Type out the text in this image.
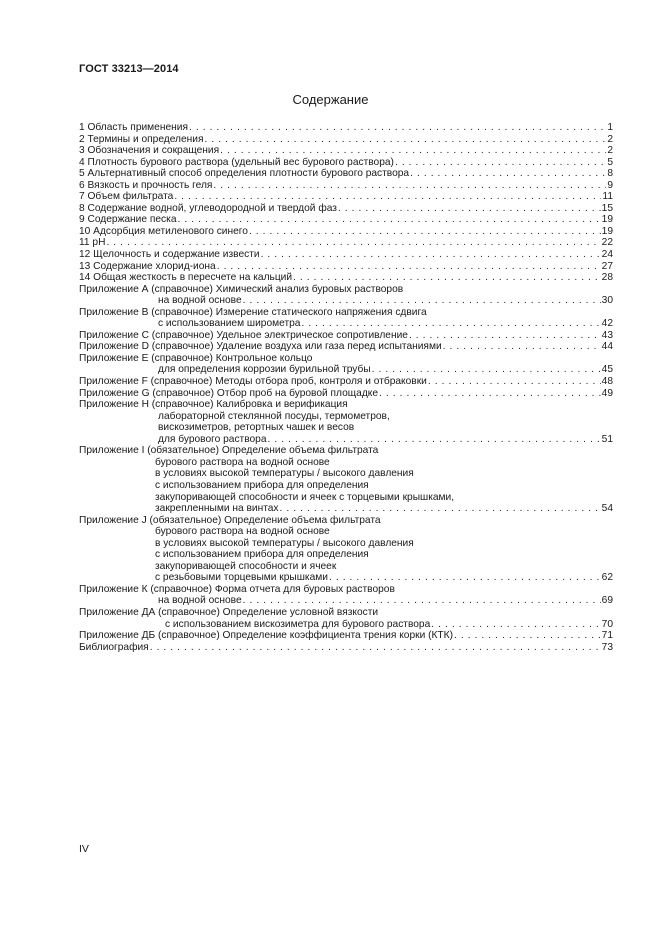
ГОСТ 33213—2014
Содержание
1 Область применения . . .	1
2 Термины и определения . . .	2
3 Обозначения и сокращения . . .	2
4 Плотность бурового раствора (удельный вес бурового раствора) . . .	5
5 Альтернативный способ определения плотности бурового раствора . . .	8
6 Вязкость и прочность геля . . .	9
7 Объем фильтрата . . .	11
8 Содержание водной, углеводородной и твердой фаз . . .	15
9 Содержание песка . . .	19
10 Адсорбция метиленового синего . . .	19
11 pH . . .	22
12 Щелочность и содержание извести . . .	24
13 Содержание хлорид-иона . . .	27
14 Общая жесткость в пересчете на кальций . . .	28
Приложение А (справочное) Химический анализ буровых растворов
на водной основе . . .	30
Приложение В (справочное) Измерение статического напряжения сдвига
с использованием широметра . . .	42
Приложение С (справочное) Удельное электрическое сопротивление . . .	43
Приложение D (справочное) Удаление воздуха или газа перед испытаниями . . .	44
Приложение Е (справочное) Контрольное кольцо
для определения коррозии бурильной трубы . . .	45
Приложение F (справочное) Методы отбора проб, контроля и отбраковки . . .	48
Приложение G (справочное) Отбор проб на буровой площадке . . .	49
Приложение Н (справочное) Калибровка и верификация
лабораторной стеклянной посуды, термометров,
вискозиметров, ретортных чашек и весов
для бурового раствора . . .	51
Приложение I (обязательное) Определение объема фильтрата
бурового раствора на водной основе
в условиях высокой температуры / высокого давления
с использованием прибора для определения
закупоривающей способности и ячеек с торцевыми крышками,
закрепленными на винтах . . .	54
Приложение J (обязательное) Определение объема фильтрата
бурового раствора на водной основе
в условиях высокой температуры / высокого давления
с использованием прибора для определения
закупоривающей способности и ячеек
с резьбовыми торцевыми крышками . . .	62
Приложение К (справочное) Форма отчета для буровых растворов
на водной основе . . .	69
Приложение ДА (справочное) Определение условной вязкости
с использованием вискозиметра для бурового раствора . . .	70
Приложение ДБ (справочное) Определение коэффициента трения корки (КТК) . . .	71
Библиография . . .	73
IV
